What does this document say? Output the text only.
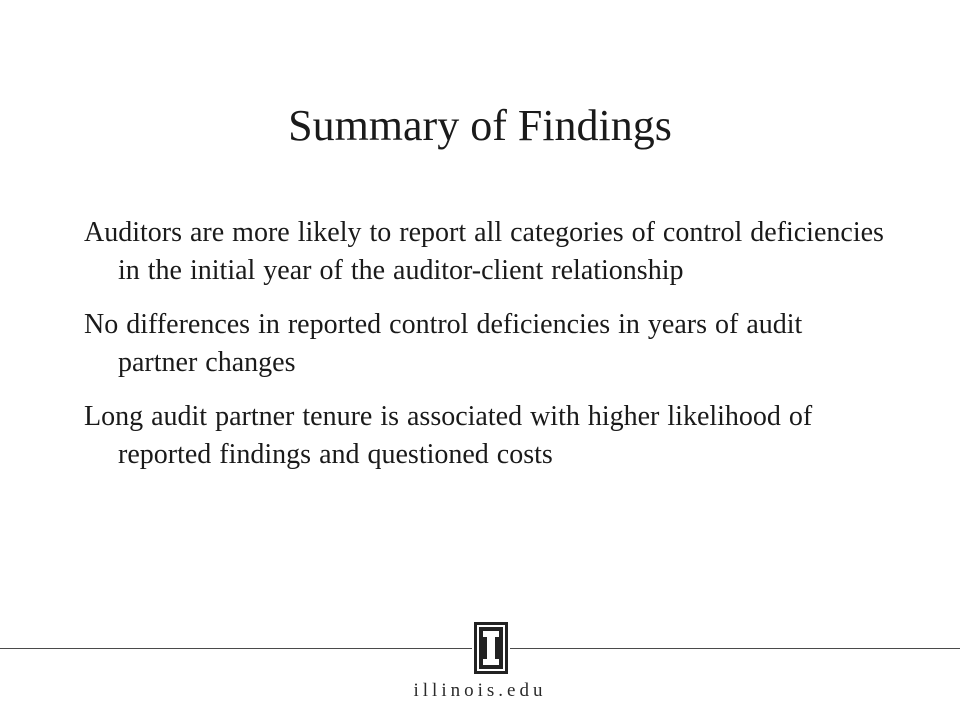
Summary of Findings
Auditors are more likely to report all categories of control deficiencies in the initial year of the auditor-client relationship
No differences in reported control deficiencies in years of audit partner changes
Long audit partner tenure is associated with higher likelihood of reported findings and questioned costs
illinois.edu
